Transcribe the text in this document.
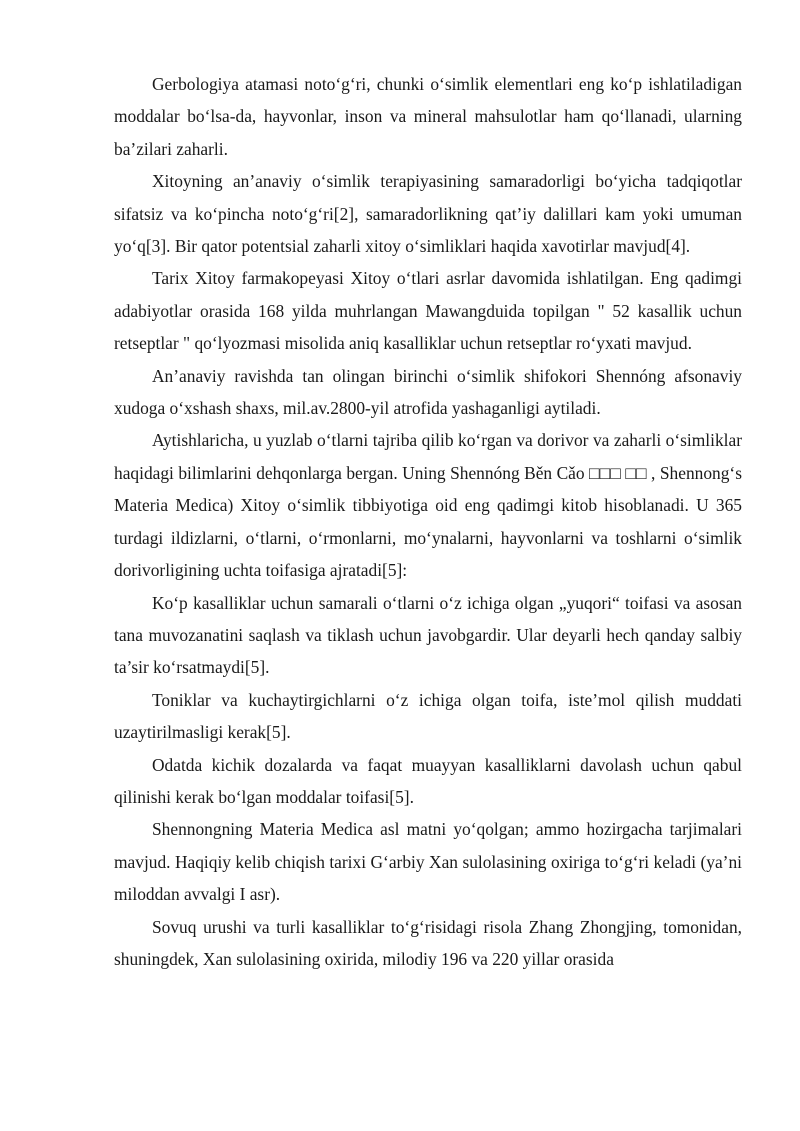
Gerbologiya atamasi noto‘g‘ri, chunki o‘simlik elementlari eng ko‘p ishlatiladigan moddalar bo‘lsa-da, hayvonlar, inson va mineral mahsulotlar ham qo‘llanadi, ularning ba’zilari zaharli.

Xitoyning an’anaviy o‘simlik terapiyasining samaradorligi bo‘yicha tadqiqotlar sifatsiz va ko‘pincha noto‘g‘ri[2], samaradorlikning qat’iy dalillari kam yoki umuman yo‘q[3]. Bir qator potentsial zaharli xitoy o‘simliklari haqida xavotirlar mavjud[4].

Tarix Xitoy farmakopeyasi Xitoy o‘tlari asrlar davomida ishlatilgan. Eng qadimgi adabiyotlar orasida 168 yilda muhrlangan Mawangduida topilgan " 52 kasallik uchun retseptlar " qo‘lyozmasi misolida aniq kasalliklar uchun retseptlar ro‘yxati mavjud.

An’anaviy ravishda tan olingan birinchi o‘simlik shifokori Shennóng afsonaviy xudoga o‘xshash shaxs, mil.av.2800-yil atrofida yashaganligi aytiladi.

Aytishlaricha, u yuzlab o‘tlarni tajriba qilib ko‘rgan va dorivor va zaharli o‘simliklar haqidagi bilimlarini dehqonlarga bergan. Uning Shennóng Běn Cǎo □□□ □□ , Shennong‘s Materia Medica) Xitoy o‘simlik tibbiyotiga oid eng qadimgi kitob hisoblanadi. U 365 turdagi ildizlarni, o‘tlarni, o‘rmonlarni, mo‘ynalarni, hayvonlarni va toshlarni o‘simlik dorivorligining uchta toifasiga ajratadi[5]:

Ko‘p kasalliklar uchun samarali o‘tlarni o‘z ichiga olgan „yuqori“ toifasi va asosan tana muvozanatini saqlash va tiklash uchun javobgardir. Ular deyarli hech qanday salbiy ta’sir ko‘rsatmaydi[5].

Toniklar va kuchaytirgichlarni o‘z ichiga olgan toifa, iste’mol qilish muddati uzaytirilmasligi kerak[5].

Odatda kichik dozalarda va faqat muayyan kasalliklarni davolash uchun qabul qilinishi kerak bo‘lgan moddalar toifasi[5].

Shennongning Materia Medica asl matni yo‘qolgan; ammo hozirgacha tarjimalari mavjud. Haqiqiy kelib chiqish tarixi G‘arbiy Xan sulolasining oxiriga to‘g‘ri keladi (ya’ni miloddan avvalgi I asr).

Sovuq urushi va turli kasalliklar to‘g‘risidagi risola Zhang Zhongjing, tomonidan, shuningdek, Xan sulolasining oxirida, milodiy 196 va 220 yillar orasida
